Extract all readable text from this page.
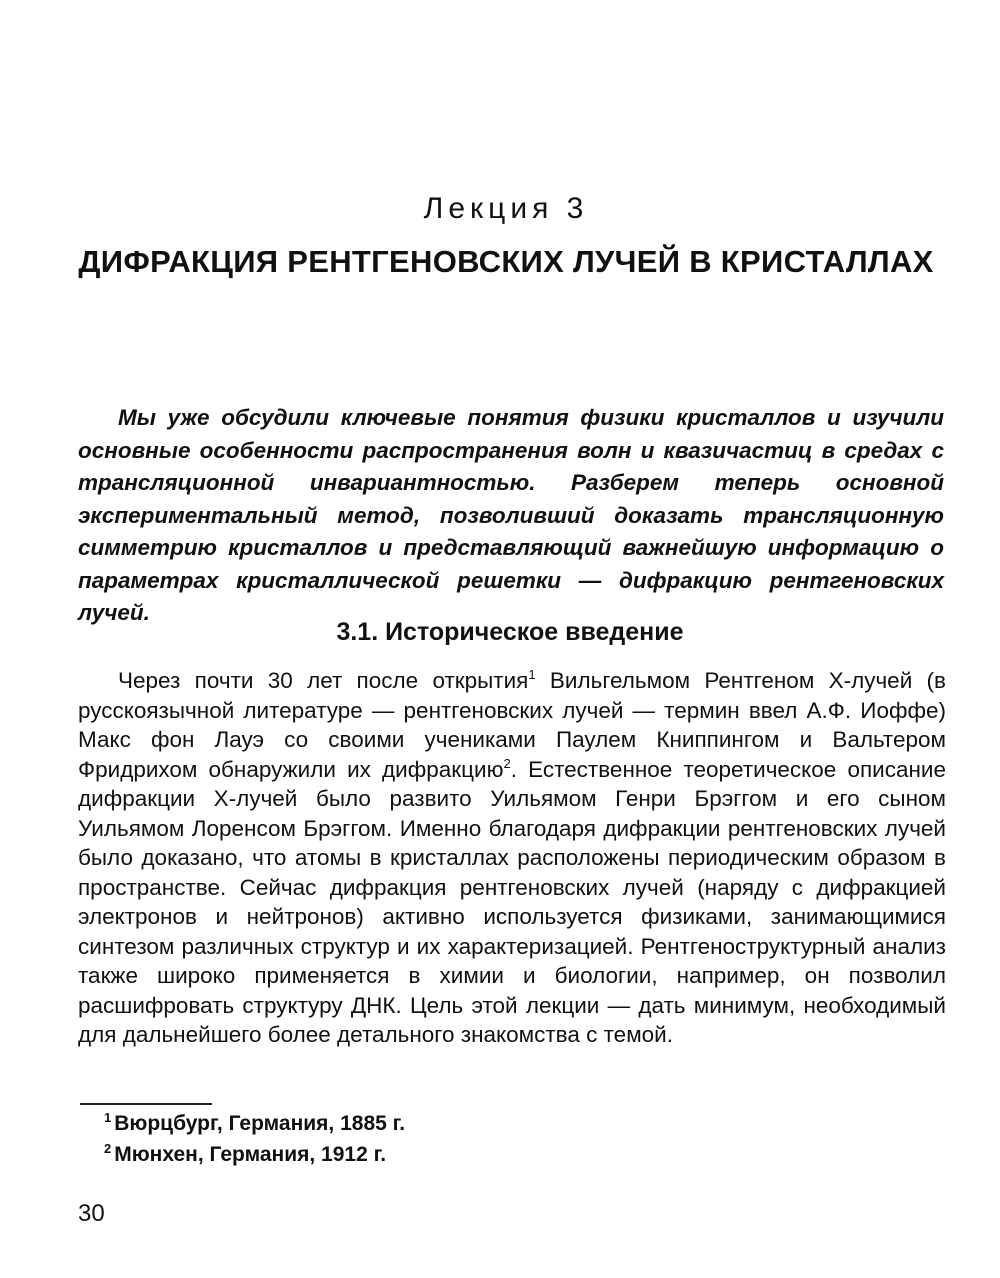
Лекция 3
ДИФРАКЦИЯ РЕНТГЕНОВСКИХ ЛУЧЕЙ В КРИСТАЛЛАХ

Мы уже обсудили ключевые понятия физики кристаллов и изучили основные особенности распространения волн и квазичастиц в средах с трансляционной инвариантностью. Разберем теперь основной экспериментальный метод, позволивший доказать трансляционную симметрию кристаллов и представляющий важнейшую информацию о параметрах кристаллической решетки — дифракцию рентгеновских лучей.

3.1. Историческое введение

Через почти 30 лет после открытия$^1$ Вильгельмом Рентгеном X-лучей (в русскоязычной литературе — рентгеновских лучей — термин ввел А.Ф. Иоффе) Макс фон Лауэ со своими учениками Паулем Книппингом и Вальтером Фридрихом обнаружили их дифракцию$^2$. Естественное теоретическое описание дифракции X-лучей было развито Уильямом Генри Брэггом и его сыном Уильямом Лоренсом Брэггом. Именно благодаря дифракции рентгеновских лучей было доказано, что атомы в кристаллах расположены периодическим образом в пространстве. Сейчас дифракция рентгеновских лучей (наряду с дифракцией электронов и нейтронов) активно используется физиками, занимающимися синтезом различных структур и их характеризацией. Рентгеноструктурный анализ также широко применяется в химии и биологии, например, он позволил расшифровать структуру ДНК. Цель этой лекции — дать минимум, необходимый для дальнейшего более детального знакомства с темой.

$^1$ Вюрцбург, Германия, 1885 г.
$^2$ Мюнхен, Германия, 1912 г.
30
